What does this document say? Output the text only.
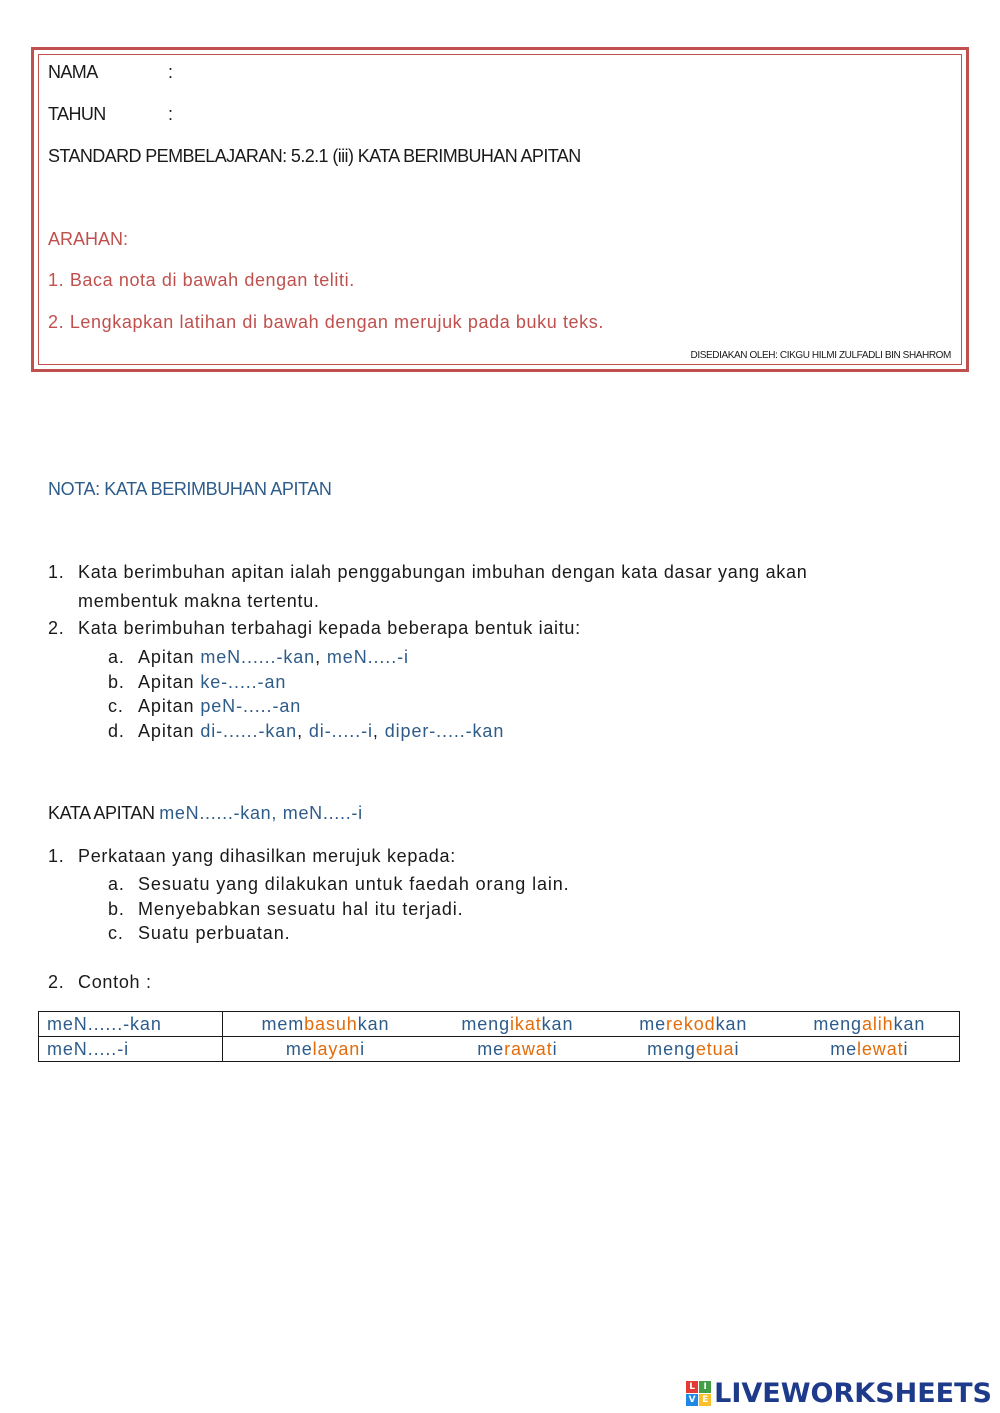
NAMA	:
TAHUN	:
STANDARD PEMBELAJARAN: 5.2.1 (iii) KATA BERIMBUHAN APITAN
ARAHAN:
1. Baca nota di bawah dengan teliti.
2. Lengkapkan latihan di bawah dengan merujuk pada buku teks.
DISEDIAKAN OLEH: CIKGU HILMI ZULFADLI BIN SHAHROM
NOTA: KATA BERIMBUHAN APITAN
1. Kata berimbuhan apitan ialah penggabungan imbuhan dengan kata dasar yang akan
membentuk makna tertentu.
2. Kata berimbuhan terbahagi kepada beberapa bentuk iaitu:
a. Apitan meN......-kan, meN.....-i
b. Apitan ke-.....-an
c. Apitan peN-.....-an
d. Apitan di-......-kan, di-.....-i, diper-.....-kan
KATA APITAN meN......-kan, meN.....-i
1. Perkataan yang dihasilkan merujuk kepada:
a. Sesuatu yang dilakukan untuk faedah orang lain.
b. Menyebabkan sesuatu hal itu terjadi.
c. Suatu perbuatan.
2. Contoh :
meN......-kan	membasuhkan	mengikatkan	merekodkan	mengalihkan
meN.....-i	melayani	merawati	mengetuai	melewati
L I
V E LIVEWORKSHEETS
